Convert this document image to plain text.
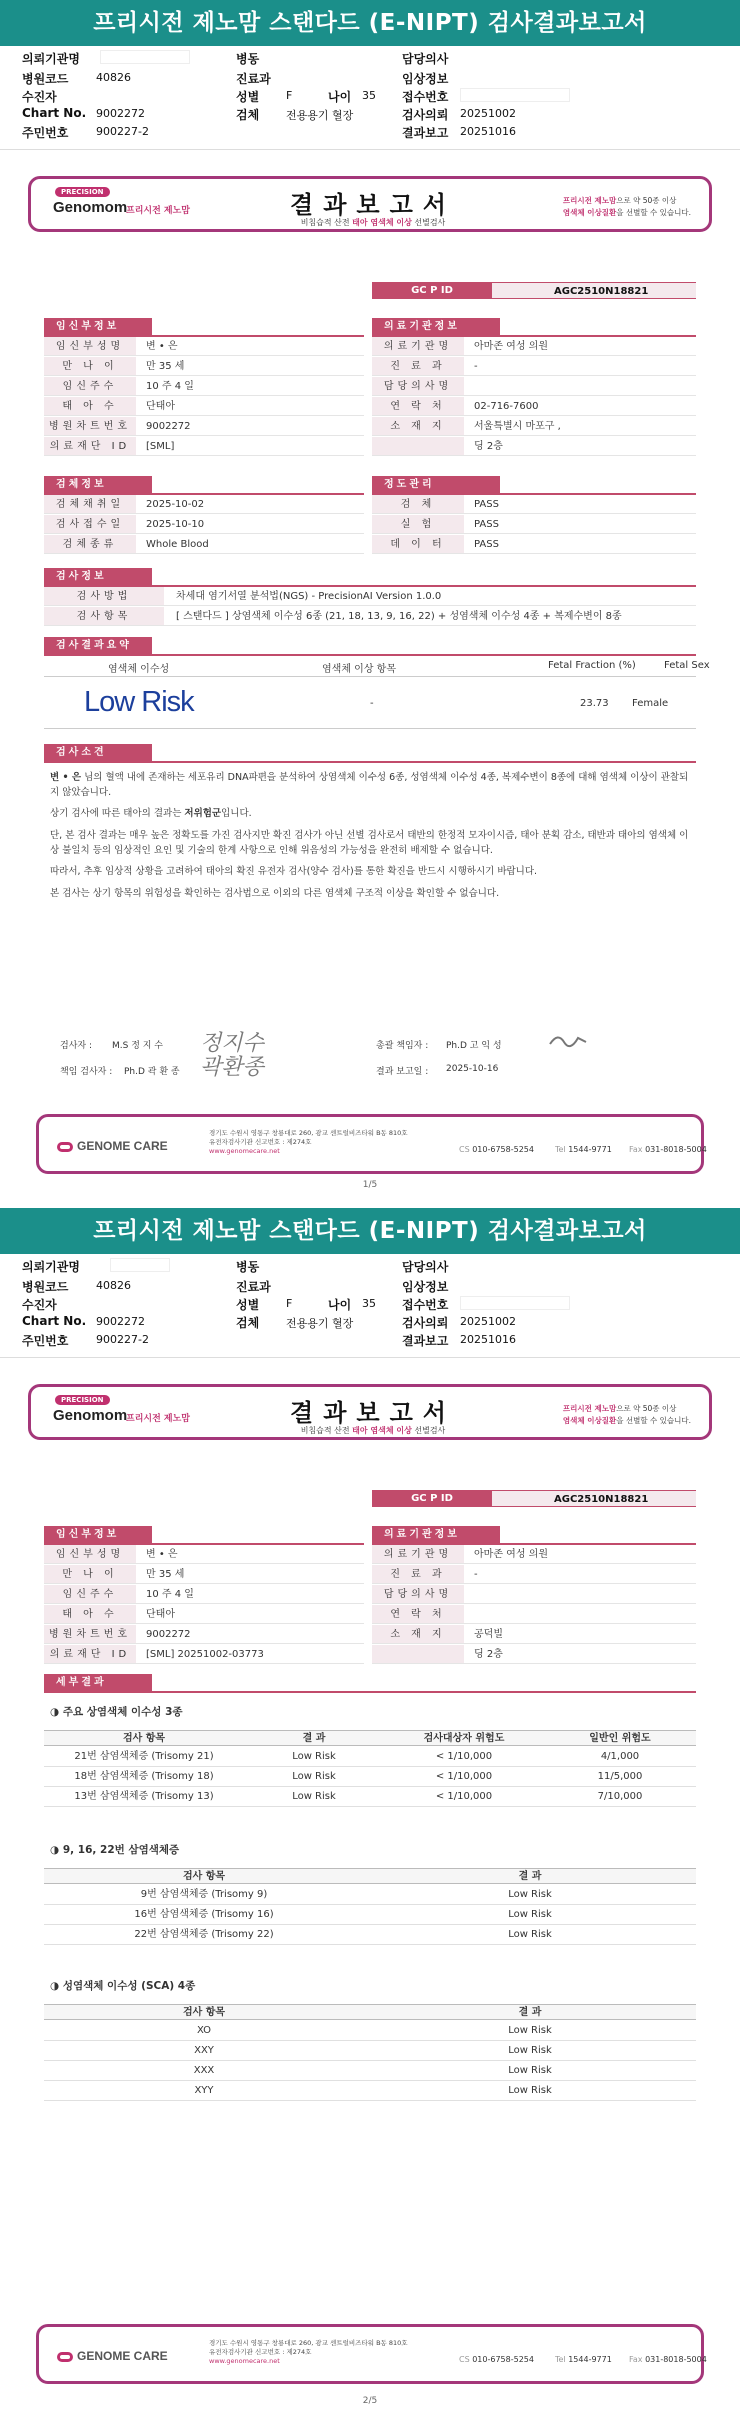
프리시전 제노맘 스탠다드 (E-NIPT) 검사결과보고서
의뢰기관명
병원코드	40826
수진자
Chart No. 9002272
주민번호	900227-2
병동
진료과
성별 F	나이 35
검체 전용용기 혈장
담당의사
임상정보
접수번호
검사의뢰 20251002
결과보고 20251016
PRECISION
Genomom
프리시전 제노맘	결과보고서
비침습적 산전 태아 염색체 이상 선별검사
프리시전 제노맘으로 약 50종 이상
염색체 이상질환을 선별할 수 있습니다.
GC P ID	AGC2510N18821
임신부정보	의료기관정보
임신부성명	변 • 은
만 나 이	만 35 세
임신주수	10 주 4 일
태 아 수	단태아
병원차트번호	9002272
의료재단 ID	[SML]
의료기관명	아마존 여성 의원
진 료 과	-
담당의사명
연 락 처	02-716-7600
소 재 지	서울특별시 마포구 ,
딩 2층
검체정보	정도관리
검체채취일	2025-10-02
검사접수일	2025-10-10
검체종류	Whole Blood
검 체	PASS
실 험	PASS
데 이 터	PASS
검사정보
검사방법	차세대 염기서열 분석법(NGS) - PrecisionAI Version 1.0.0
검사항목	[ 스탠다드 ] 상염색체 이수성 6종 (21, 18, 13, 9, 16, 22) + 성염색체 이수성 4종 + 복제수변이 8종
검사결과요약
염색체 이수성	염색체 이상 항목	Fetal Fraction (%)	Fetal Sex
Low Risk	-	23.73 Female
검사소견
변 • 은 님의 혈액 내에 존재하는 세포유리 DNA파편을 분석하여 상염색체 이수성 6종, 성염색체 이수성 4종, 복제수변이 8종에 대해 염색체 이상이 관찰되지 않았습니다.
상기 검사에 따른 태아의 결과는 저위험군입니다.
단, 본 검사 결과는 매우 높은 정확도를 가진 검사지만 확진 검사가 아닌 선별 검사로서 태반의 한정적 모자이시즘, 태아 분획 감소, 태반과 태아의 염색체 이상 불일치 등의 임상적인 요인 및 기술의 한계 사항으로 인해 위음성의 가능성을 완전히 배제할 수 없습니다.
따라서, 추후 임상적 상황을 고려하여 태아의 확진 유전자 검사(양수 검사)를 통한 확진을 반드시 시행하시기 바랍니다.
본 검사는 상기 항목의 위험성을 확인하는 검사법으로 이외의 다른 염색체 구조적 이상을 확인할 수 없습니다.
검사자 : M.S 정 지 수 정지수	총괄 책임자 : Ph.D 고 익 성
책임 검사자 : Ph.D 곽 환 종 곽환종	결과 보고일 : 2025-10-16
GENOME CARE
경기도 수원시 영통구 창룡대로 260, 광교 센트럴비즈타워 B동 810호
유전자검사기관 신고번호 : 제274호
www.genomecare.net	CS 010-6758-5254	Tel 1544-9771 Fax 031-8018-5004
1/5
프리시전 제노맘 스탠다드 (E-NIPT) 검사결과보고서
의뢰기관명
병원코드	40826
수진자
Chart No. 9002272
주민번호	900227-2
병동
진료과
성별 F	나이 35
검체 전용용기 혈장
담당의사
임상정보
접수번호
검사의뢰 20251002
결과보고 20251016
PRECISION
Genomom
프리시전 제노맘	결과보고서
비침습적 산전 태아 염색체 이상 선별검사
프리시전 제노맘으로 약 50종 이상
염색체 이상질환을 선별할 수 있습니다.
GC P ID	AGC2510N18821
임신부정보	의료기관정보
임신부성명	변 • 은
만 나 이	만 35 세
임신주수	10 주 4 일
태 아 수	단태아
병원차트번호	9002272
의료재단 ID	[SML] 20251002-03773
의료기관명	아마존 여성 의원
진 료 과	-
담당의사명
연 락 처
소 재 지	공덕빌
딩 2층
세부결과
◑ 주요 상염색체 이수성 3종
검사 항목	결 과	검사대상자 위험도	일반인 위험도
21번 삼염색체증 (Trisomy 21)	Low Risk	< 1/10,000	4/1,000
18번 삼염색체증 (Trisomy 18)	Low Risk	< 1/10,000	11/5,000
13번 삼염색체증 (Trisomy 13)	Low Risk	< 1/10,000	7/10,000
◑ 9, 16, 22번 삼염색체증
검사 항목	결 과
9번 삼염색체증 (Trisomy 9)	Low Risk
16번 삼염색체증 (Trisomy 16)	Low Risk
22번 삼염색체증 (Trisomy 22)	Low Risk
◑ 성염색체 이수성 (SCA) 4종
검사 항목	결 과
XO	Low Risk
XXY	Low Risk
XXX	Low Risk
XYY	Low Risk
GENOME CARE
경기도 수원시 영통구 창룡대로 260, 광교 센트럴비즈타워 B동 810호
유전자검사기관 신고번호 : 제274호
www.genomecare.net	CS 010-6758-5254	Tel 1544-9771 Fax 031-8018-5004
2/5
